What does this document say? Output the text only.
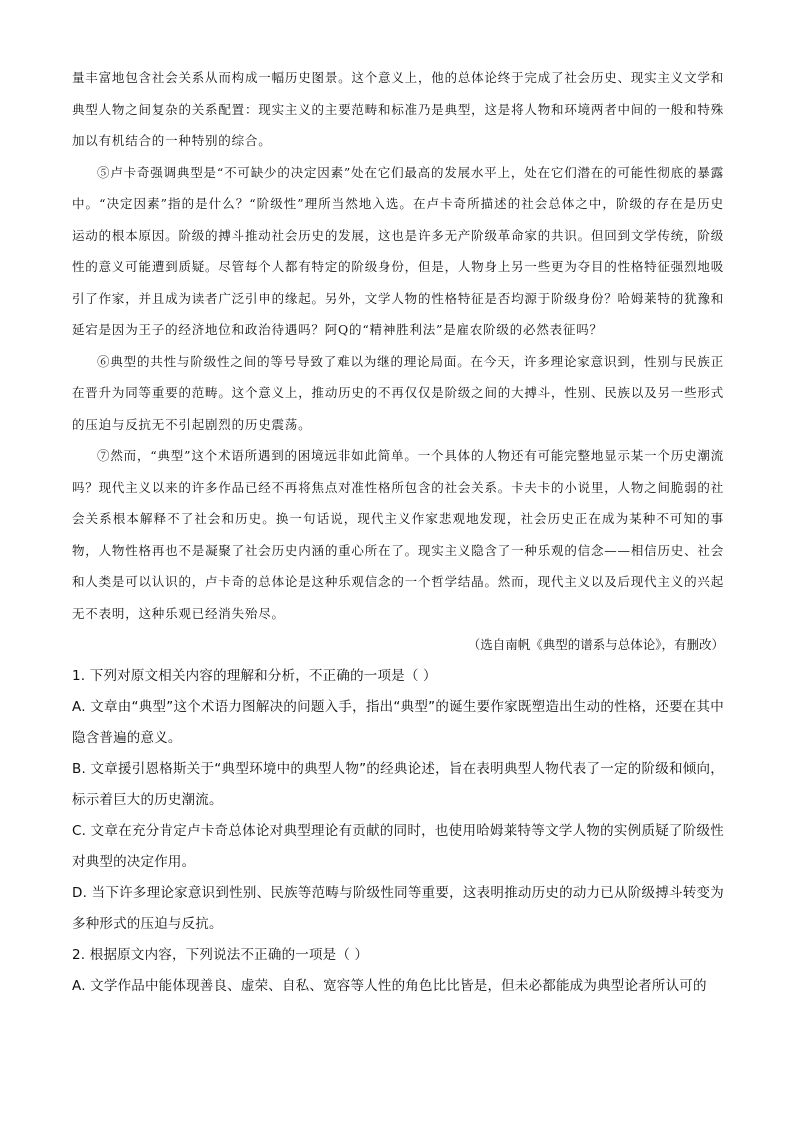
量丰富地包含社会关系从而构成一幅历史图景。这个意义上，他的总体论终于完成了社会历史、现实主义文学和典型人物之间复杂的关系配置：现实主义的主要范畴和标准乃是典型，这是将人物和环境两者中间的一般和特殊加以有机结合的一种特别的综合。

⑤卢卡奇强调典型是“不可缺少的决定因素”处在它们最高的发展水平上，处在它们潜在的可能性彻底的暴露中。“决定因素”指的是什么？“阶级性”理所当然地入选。在卢卡奇所描述的社会总体之中，阶级的存在是历史运动的根本原因。阶级的搏斗推动社会历史的发展，这也是许多无产阶级革命家的共识。但回到文学传统，阶级性的意义可能遭到质疑。尽管每个人都有特定的阶级身份，但是，人物身上另一些更为夺目的性格特征强烈地吸引了作家，并且成为读者广泛引申的缘起。另外，文学人物的性格特征是否均源于阶级身份？哈姆莱特的犹豫和延宕是因为王子的经济地位和政治待遇吗？阿Q的“精神胜利法”是雇农阶级的必然表征吗？

⑥典型的共性与阶级性之间的等号导致了难以为继的理论局面。在今天，许多理论家意识到，性别与民族正在晋升为同等重要的范畴。这个意义上，推动历史的不再仅仅是阶级之间的大搏斗，性别、民族以及另一些形式的压迫与反抗无不引起剧烈的历史震荡。

⑦然而，“典型”这个术语所遇到的困境远非如此简单。一个具体的人物还有可能完整地显示某一个历史潮流吗？现代主义以来的许多作品已经不再将焦点对准性格所包含的社会关系。卡夫卡的小说里，人物之间脆弱的社会关系根本解释不了社会和历史。换一句话说，现代主义作家悲观地发现，社会历史正在成为某种不可知的事物，人物性格再也不是凝聚了社会历史内涵的重心所在了。现实主义隐含了一种乐观的信念——相信历史、社会和人类是可以认识的，卢卡奇的总体论是这种乐观信念的一个哲学结晶。然而，现代主义以及后现代主义的兴起无不表明，这种乐观已经消失殆尽。

（选自南帆《典型的谱系与总体论》，有删改）

1. 下列对原文相关内容的理解和分析，不正确的一项是（ ）

A. 文章由“典型”这个术语力图解决的问题入手，指出“典型”的诞生要作家既塑造出生动的性格，还要在其中隐含普遍的意义。

B. 文章援引恩格斯关于“典型环境中的典型人物”的经典论述，旨在表明典型人物代表了一定的阶级和倾向，标示着巨大的历史潮流。

C. 文章在充分肯定卢卡奇总体论对典型理论有贡献的同时，也使用哈姆莱特等文学人物的实例质疑了阶级性对典型的决定作用。

D. 当下许多理论家意识到性别、民族等范畴与阶级性同等重要，这表明推动历史的动力已从阶级搏斗转变为多种形式的压迫与反抗。

2. 根据原文内容，下列说法不正确的一项是（ ）

A. 文学作品中能体现善良、虚荣、自私、宽容等人性的角色比比皆是，但未必都能成为典型论者所认可的
